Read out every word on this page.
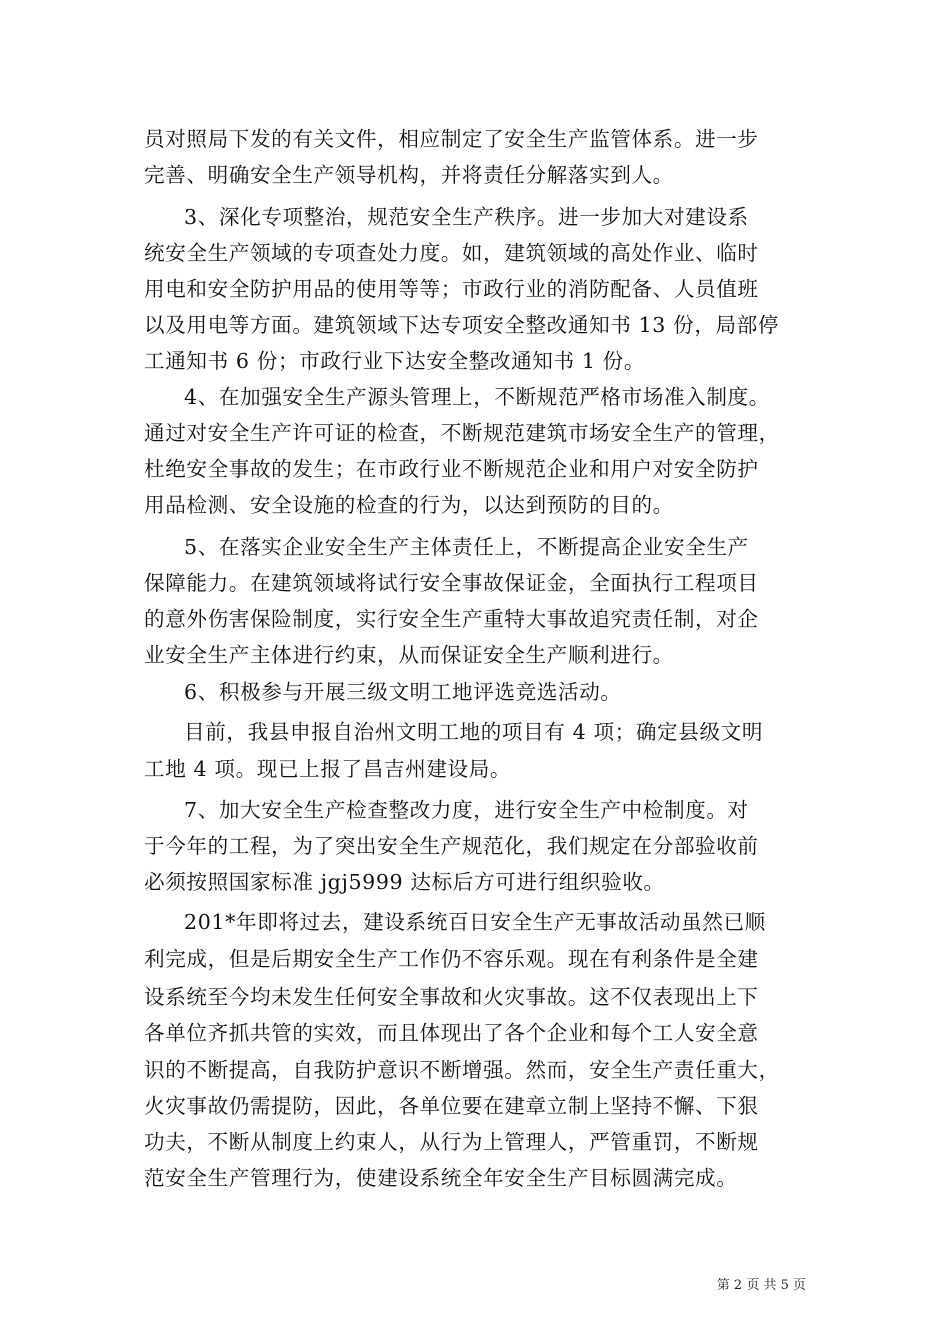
员对照局下发的有关文件，相应制定了安全生产监管体系。进一步
完善、明确安全生产领导机构，并将责任分解落实到人。
3、深化专项整治，规范安全生产秩序。进一步加大对建设系
统安全生产领域的专项查处力度。如，建筑领域的高处作业、临时
用电和安全防护用品的使用等等；市政行业的消防配备、人员值班
以及用电等方面。建筑领域下达专项安全整改通知书 13 份，局部停
工通知书 6 份；市政行业下达安全整改通知书 1 份。
4、在加强安全生产源头管理上，不断规范严格市场准入制度。
通过对安全生产许可证的检查，不断规范建筑市场安全生产的管理，
杜绝安全事故的发生；在市政行业不断规范企业和用户对安全防护
用品检测、安全设施的检查的行为，以达到预防的目的。
5、在落实企业安全生产主体责任上，不断提高企业安全生产
保障能力。在建筑领域将试行安全事故保证金，全面执行工程项目
的意外伤害保险制度，实行安全生产重特大事故追究责任制，对企
业安全生产主体进行约束，从而保证安全生产顺利进行。
6、积极参与开展三级文明工地评选竞选活动。
目前，我县申报自治州文明工地的项目有 4 项；确定县级文明
工地 4 项。现已上报了昌吉州建设局。
7、加大安全生产检查整改力度，进行安全生产中检制度。对
于今年的工程，为了突出安全生产规范化，我们规定在分部验收前
必须按照国家标准 jgj5999 达标后方可进行组织验收。
201*年即将过去，建设系统百日安全生产无事故活动虽然已顺
利完成，但是后期安全生产工作仍不容乐观。现在有利条件是全建
设系统至今均未发生任何安全事故和火灾事故。这不仅表现出上下
各单位齐抓共管的实效，而且体现出了各个企业和每个工人安全意
识的不断提高，自我防护意识不断增强。然而，安全生产责任重大，
火灾事故仍需提防，因此，各单位要在建章立制上坚持不懈、下狠
功夫，不断从制度上约束人，从行为上管理人，严管重罚，不断规
范安全生产管理行为，使建设系统全年安全生产目标圆满完成。
第 2 页 共 5 页
